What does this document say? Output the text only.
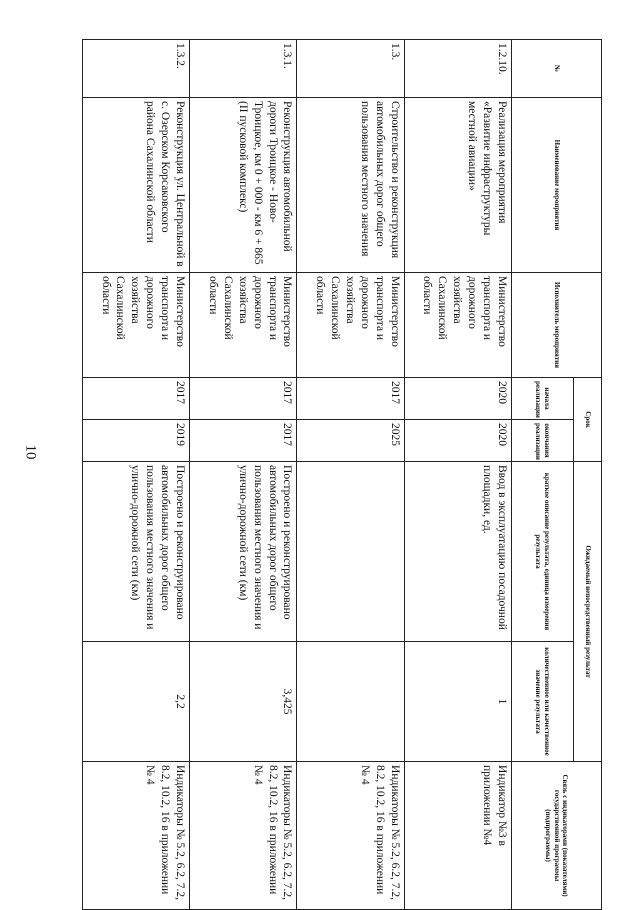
10
№	Наименование мероприятия	Исполнитель мероприятия	Срок		Ожидаемый непосредственный результат		Связь с индикаторами (показателями) государственной программы (подпрограммы)
			начала реализации	окончания реализации	краткое описание результата, единица измерения результата	количественное или качественное значение результата	
1.2.10.	Реализация мероприятия «Развитие инфраструктуры местной авиации»	Министерство транспорта и дорожного хозяйства Сахалинской области	2020	2020	Ввод в эксплуатацию посадочной площадки, ед.	1	Индикатор №3 в приложении №4
1.3.	Строительство и реконструкция автомобильных дорог общего пользования местного значения	Министерство транспорта и дорожного хозяйства Сахалинской области	2017	2025			Индикаторы № 5.2, 6.2, 7.2, 8.2, 10.2, 16 в приложении № 4
1.3.1.	Реконструкция автомобильной дороги Троицкое - Ново-Троицкое, км 0 + 000 - км 6 + 865 (II пусковой комплекс)	Министерство транспорта и дорожного хозяйства Сахалинской области	2017	2017	Построено и реконструировано автомобильных дорог общего пользования местного значения и улично-дорожной сети (км)	3,425	Индикаторы № 5.2, 6.2, 7.2, 8.2, 10.2, 16 в приложении № 4
1.3.2.	Реконструкция ул. Центральной в с. Озерском Корсаковского района Сахалинской области	Министерство транспорта и дорожного хозяйства Сахалинской области	2017	2019	Построено и реконструировано автомобильных дорог общего пользования местного значения и улично-дорожной сети (км)	2,2	Индикаторы № 5.2, 6.2, 7.2, 8.2, 10.2, 16 в приложении № 4
